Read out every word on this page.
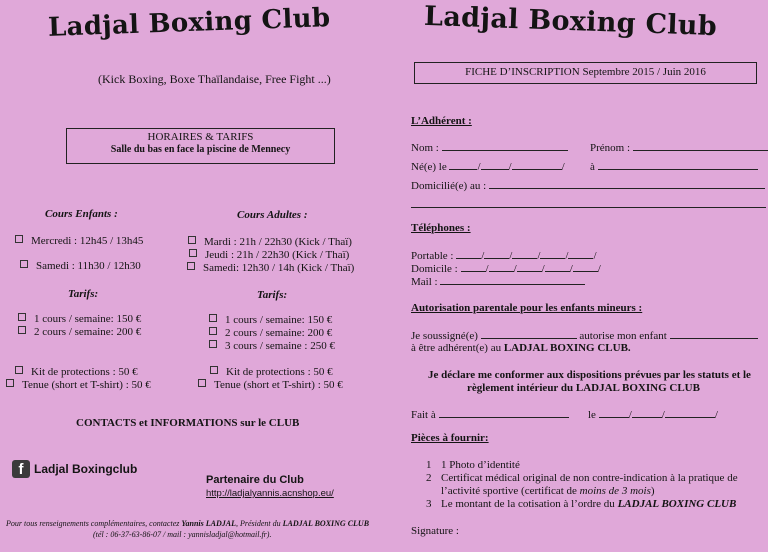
Ladjal Boxing Club
(Kick Boxing, Boxe Thaïlandaise, Free Fight ...)
HORAIRES & TARIFS
Salle du bas en face la piscine de Mennecy
Cours Enfants :
Mercredi : 12h45 / 13h45
Samedi : 11h30 / 12h30
Tarifs:
1 cours / semaine: 150 €
2 cours / semaine: 200 €
Kit de protections : 50 €
Tenue (short et T-shirt) : 50 €
Cours Adultes :
Mardi : 21h / 22h30 (Kick / Thaï)
Jeudi : 21h / 22h30 (Kick / Thaï)
Samedi: 12h30 / 14h (Kick / Thaï)
Tarifs:
1 cours / semaine: 150 €
2 cours / semaine: 200 €
3 cours / semaine : 250 €
Kit de protections : 50 €
Tenue (short et T-shirt) : 50 €
CONTACTS et INFORMATIONS sur le CLUB
f Ladjal Boxingclub
Partenaire du Club
http://ladjalyannis.acnshop.eu/
Pour tous renseignements complémentaires, contactez Yannis LADJAL, Président du LADJAL BOXING CLUB
(tél : 06-37-63-86-07 / mail : yannisladjal@hotmail.fr).
Ladjal Boxing Club
FICHE D’INSCRIPTION Septembre 2015 / Juin 2016
L’Adhérent :
Nom :	Prénom :
Né(e) le	/	/	/ à
Domicilié(e) au :
Téléphones :
Portable :	/ / / / /
Domicile :	/ / / / /
Mail :
Autorisation parentale pour les enfants mineurs :
Je soussigné(e)	autorise mon enfant
à être adhérent(e) au LADJAL BOXING CLUB.
Je déclare me conformer aux dispositions prévues par les statuts et le
règlement intérieur du LADJAL BOXING CLUB
Fait à	le	/	/	/
Pièces à fournir:
1 1 Photo d’identité
2 Certificat médical original de non contre-indication à la pratique de
l’activité sportive (certificat de moins de 3 mois)
3 Le montant de la cotisation à l’ordre du LADJAL BOXING CLUB
Signature :
